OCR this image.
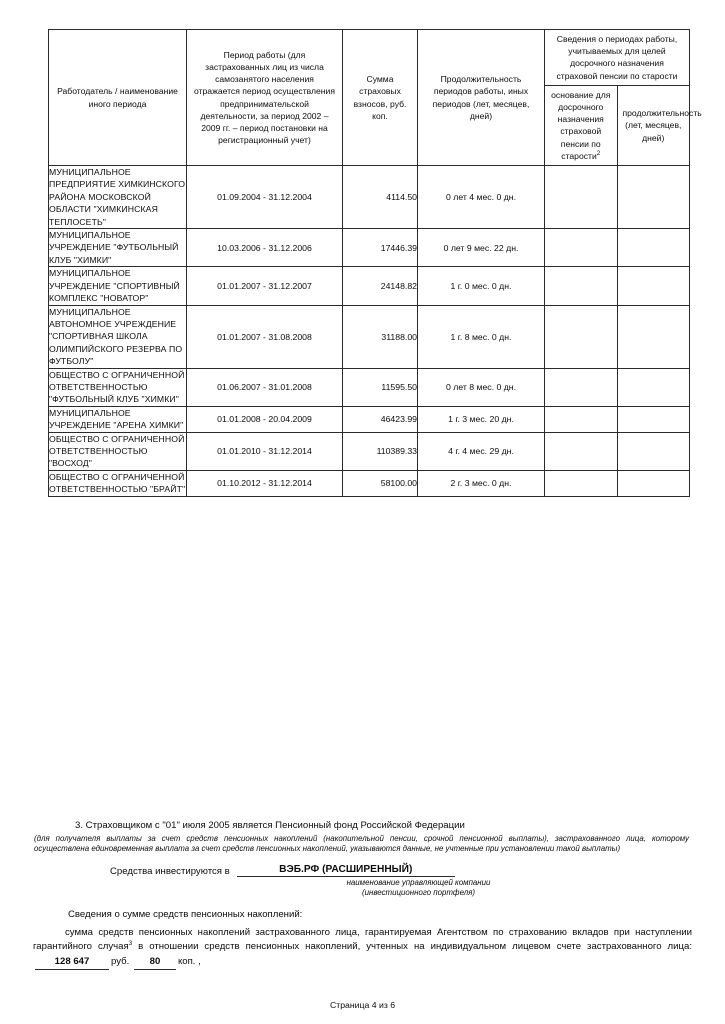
Работодатель / наименование иного периода	Период работы (для застрахованных лиц из числа самозанятого населения отражается период осуществления предпринимательской деятельности, за период 2002 – 2009 гг. – период постановки на регистрационный учет)	Сумма страховых взносов, руб. коп.	Продолжительность периодов работы, иных периодов (лет, месяцев, дней)	Сведения о периодах работы, учитываемых для целей досрочного назначения страховой пенсии по старости	
				основание для досрочного назначения страховой пенсии по старости$^2$	продолжительность (лет, месяцев, дней)
МУНИЦИПАЛЬНОЕ ПРЕДПРИЯТИЕ ХИМКИНСКОГО РАЙОНА МОСКОВСКОЙ ОБЛАСТИ "ХИМКИНСКАЯ ТЕПЛОСЕТЬ"	01.09.2004 - 31.12.2004	4114.50	0 лет 4 мес. 0 дн.		
МУНИЦИПАЛЬНОЕ УЧРЕЖДЕНИЕ "ФУТБОЛЬНЫЙ КЛУБ "ХИМКИ"	10.03.2006 - 31.12.2006	17446.39	0 лет 9 мес. 22 дн.		
МУНИЦИПАЛЬНОЕ УЧРЕЖДЕНИЕ "СПОРТИВНЫЙ КОМПЛЕКС "НОВАТОР"	01.01.2007 - 31.12.2007	24148.82	1 г. 0 мес. 0 дн.		
МУНИЦИПАЛЬНОЕ АВТОНОМНОЕ УЧРЕЖДЕНИЕ "СПОРТИВНАЯ ШКОЛА ОЛИМПИЙСКОГО РЕЗЕРВА ПО ФУТБОЛУ"	01.01.2007 - 31.08.2008	31188.00	1 г. 8 мес. 0 дн.		
ОБЩЕСТВО С ОГРАНИЧЕННОЙ ОТВЕТСТВЕННОСТЬЮ "ФУТБОЛЬНЫЙ КЛУБ "ХИМКИ"	01.06.2007 - 31.01.2008	11595.50	0 лет 8 мес. 0 дн.		
МУНИЦИПАЛЬНОЕ УЧРЕЖДЕНИЕ "АРЕНА ХИМКИ"	01.01.2008 - 20.04.2009	46423.99	1 г. 3 мес. 20 дн.		
ОБЩЕСТВО С ОГРАНИЧЕННОЙ ОТВЕТСТВЕННОСТЬЮ "ВОСХОД"	01.01.2010 - 31.12.2014	110389.33	4 г. 4 мес. 29 дн.		
ОБЩЕСТВО С ОГРАНИЧЕННОЙ ОТВЕТСТВЕННОСТЬЮ "БРАЙТ"	01.10.2012 - 31.12.2014	58100.00	2 г. 3 мес. 0 дн.		
3. Страховщиком с "01" июля 2005 является Пенсионный фонд Российской Федерации
(для получателя выплаты за счет средств пенсионных накоплений (накопительной пенсии, срочной пенсионной выплаты), застрахованного лица, которому осуществлена единовременная выплата за счет средств пенсионных накоплений, указываются данные, не учтенные при установлении такой выплаты)
Средства инвестируются в	ВЭБ.РФ (РАСШИРЕННЫЙ)
наименование управляющей компании
(инвестиционного портфеля)
Сведения о сумме средств пенсионных накоплений:
сумма средств пенсионных накоплений застрахованного лица, гарантируемая Агентством по страхованию вкладов при наступлении гарантийного случая$^3$ в отношении средств пенсионных накоплений, учтенных на индивидуальном лицевом счете застрахованного лица: 128 647 руб. 80 коп. ,
Страница 4 из 6
